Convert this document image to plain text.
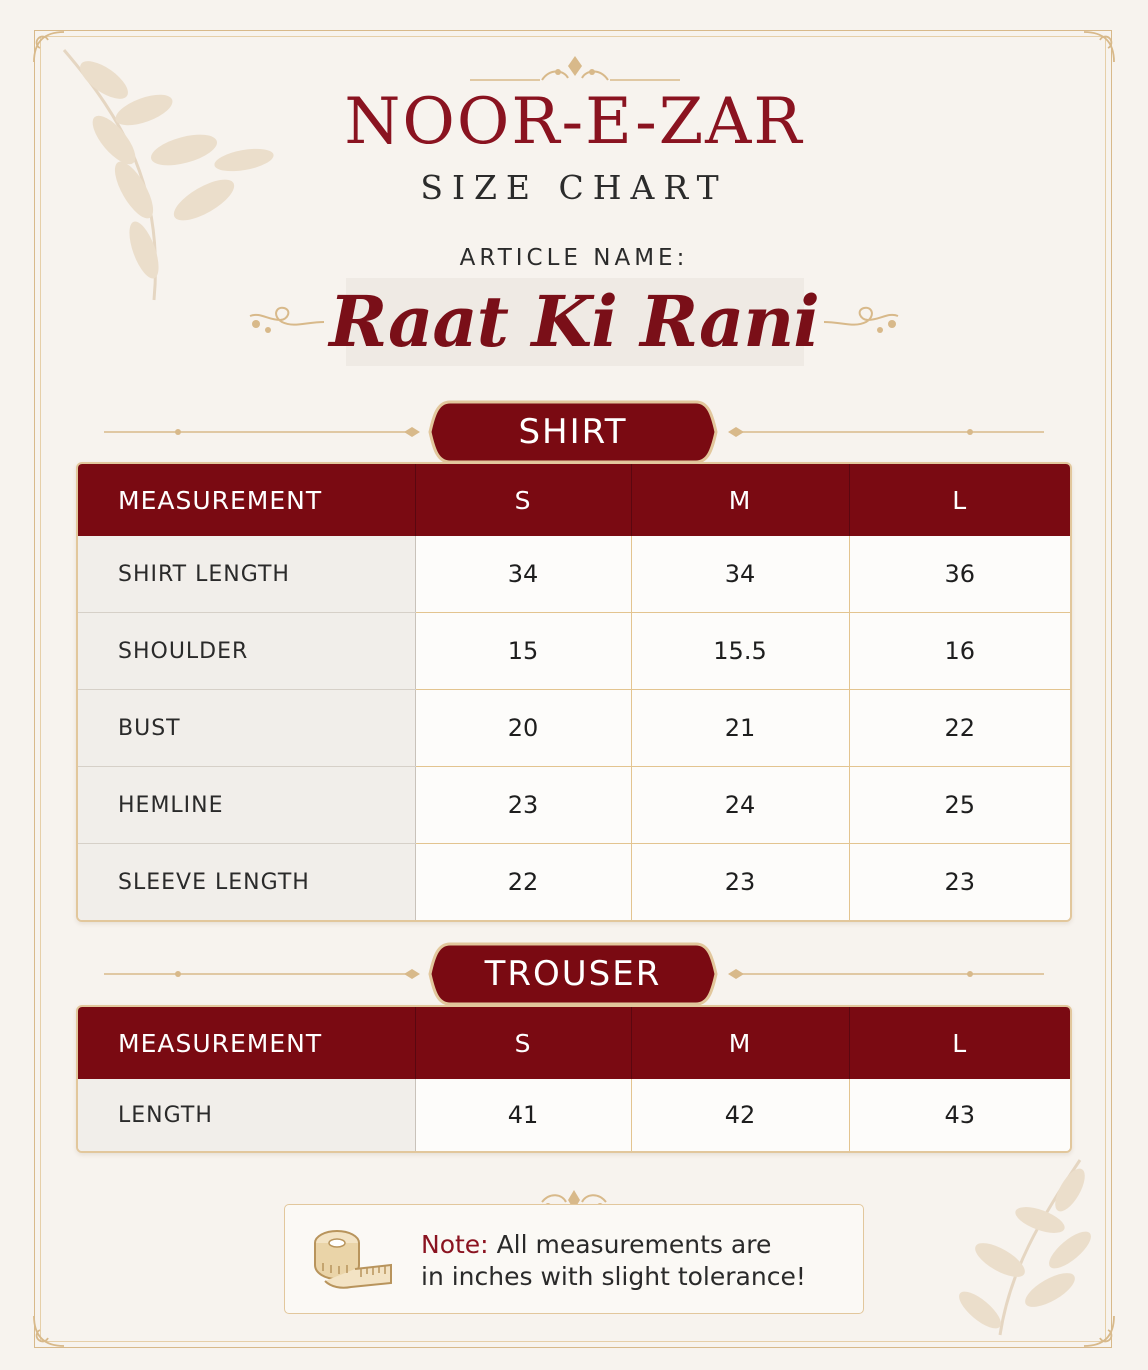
NOOR-E-ZAR
SIZE CHART
ARTICLE NAME:
Raat Ki Rani
SHIRT
MEASUREMENT	S	M	L
SHIRT LENGTH	34	34	36
SHOULDER	15	15.5	16
BUST	20	21	22
HEMLINE	23	24	25
SLEEVE LENGTH	22	23	23
TROUSER
MEASUREMENT	S	M	L
LENGTH	41	42	43
Note: All measurements are
in inches with slight tolerance!
